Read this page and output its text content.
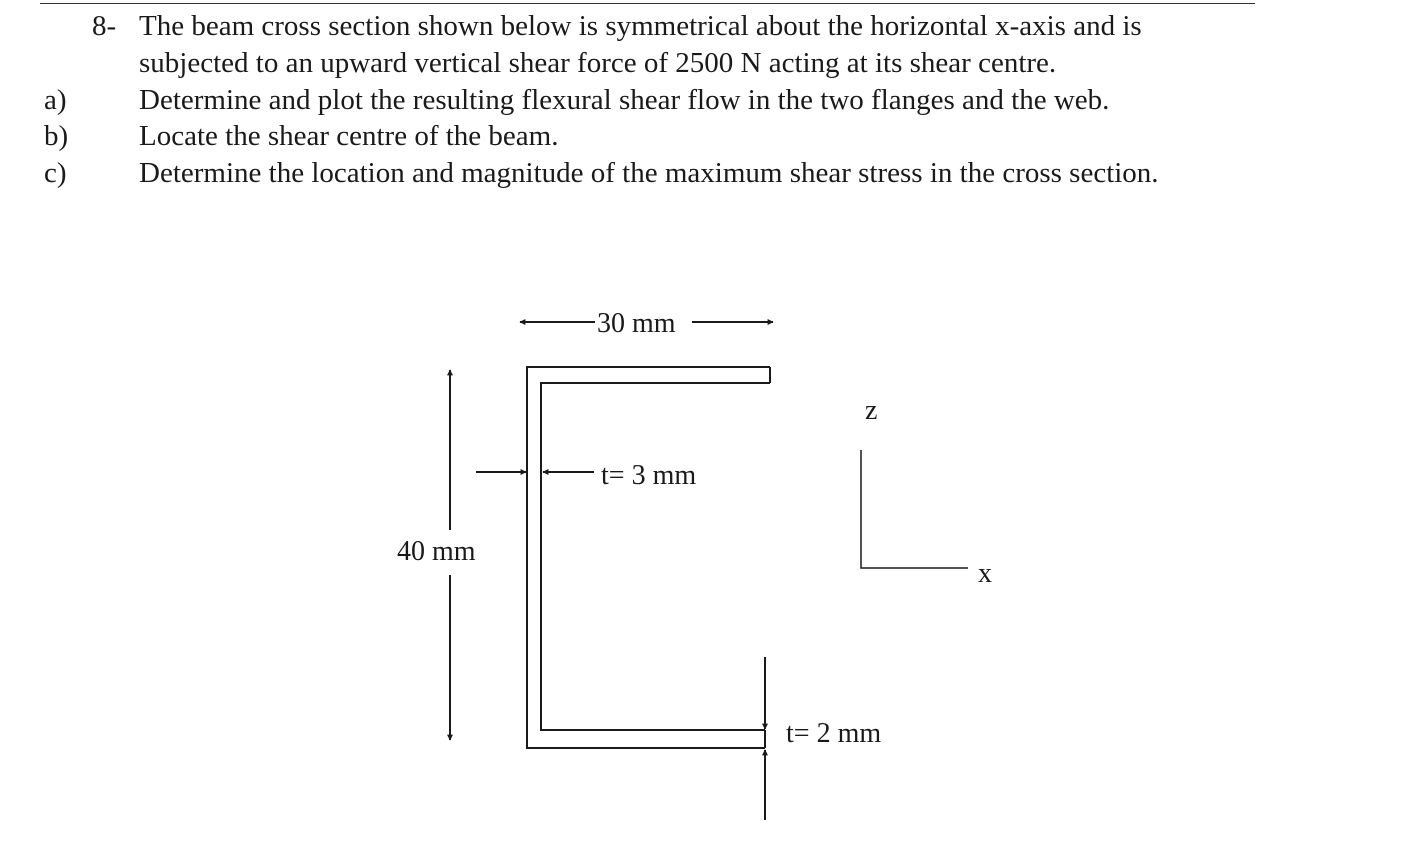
8- The beam cross section shown below is symmetrical about the horizontal x-axis and is
subjected to an upward vertical shear force of 2500 N acting at its shear centre.
a) Determine and plot the resulting flexural shear flow in the two flanges and the web.
b) Locate the shear centre of the beam.
c) Determine the location and magnitude of the maximum shear stress in the cross section.
30 mm
40 mm
t= 3 mm
t= 2 mm
z
x
